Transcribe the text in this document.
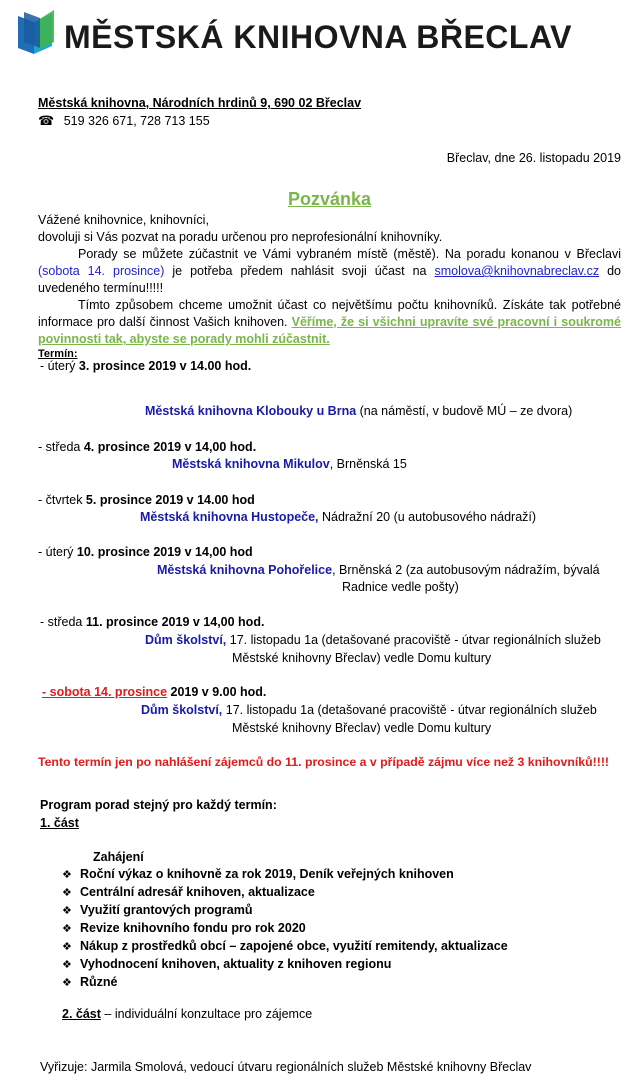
MĚSTSKÁ KNIHOVNA BŘECLAV
Městská knihovna, Národních hrdinů 9, 690 02 Břeclav
☎ 519 326 671, 728 713 155
Břeclav, dne 26. listopadu 2019
Pozvánka
Vážené knihovnice, knihovníci,
dovoluji si Vás pozvat na poradu určenou pro neprofesionální knihovníky.
Porady se můžete zúčastnit ve Vámi vybraném místě (městě). Na poradu konanou v Břeclavi (sobota 14. prosince) je potřeba předem nahlásit svoji účast na smolova@knihovnabreclav.cz do uvedeného termínu!!!!!
Tímto způsobem chceme umožnit účast co největšímu počtu knihovníků. Získáte tak potřebné informace pro další činnost Vašich knihoven. Věříme, že si všichni upravíte své pracovní i soukromé povinnosti tak, abyste se porady mohli zúčastnit.
Termín:
- úterý 3. prosince 2019 v 14.00 hod.
Městská knihovna Klobouky u Brna (na náměstí, v budově MÚ – ze dvora)
- středa 4. prosince 2019 v 14,00 hod.
Městská knihovna Mikulov, Brněnská 15
- čtvrtek 5. prosince 2019 v 14.00 hod
Městská knihovna Hustopeče, Nádražní 20 (u autobusového nádraží)
- úterý 10. prosince 2019 v 14,00 hod
Městská knihovna Pohořelice, Brněnská 2 (za autobusovým nádražím, bývalá
Radnice vedle pošty)
- středa 11. prosince 2019 v 14,00 hod.
Dům školství, 17. listopadu 1a (detašované pracoviště - útvar regionálních služeb
Městské knihovny Břeclav) vedle Domu kultury
- sobota 14. prosince 2019 v 9.00 hod.
Dům školství, 17. listopadu 1a (detašované pracoviště - útvar regionálních služeb
Městské knihovny Břeclav) vedle Domu kultury
Tento termín jen po nahlášení zájemců do 11. prosince a v případě zájmu více než 3 knihovníků!!!!
Program porad stejný pro každý termín:
1. část
Zahájení
❖ Roční výkaz o knihovně za rok 2019, Deník veřejných knihoven
❖ Centrální adresář knihoven, aktualizace
❖ Využití grantových programů
❖ Revize knihovního fondu pro rok 2020
❖ Nákup z prostředků obcí – zapojené obce, využití remitendy, aktualizace
❖ Vyhodnocení knihoven, aktuality z knihoven regionu
❖ Různé
2. část – individuální konzultace pro zájemce
Vyřizuje: Jarmila Smolová, vedoucí útvaru regionálních služeb Městské knihovny Břeclav
